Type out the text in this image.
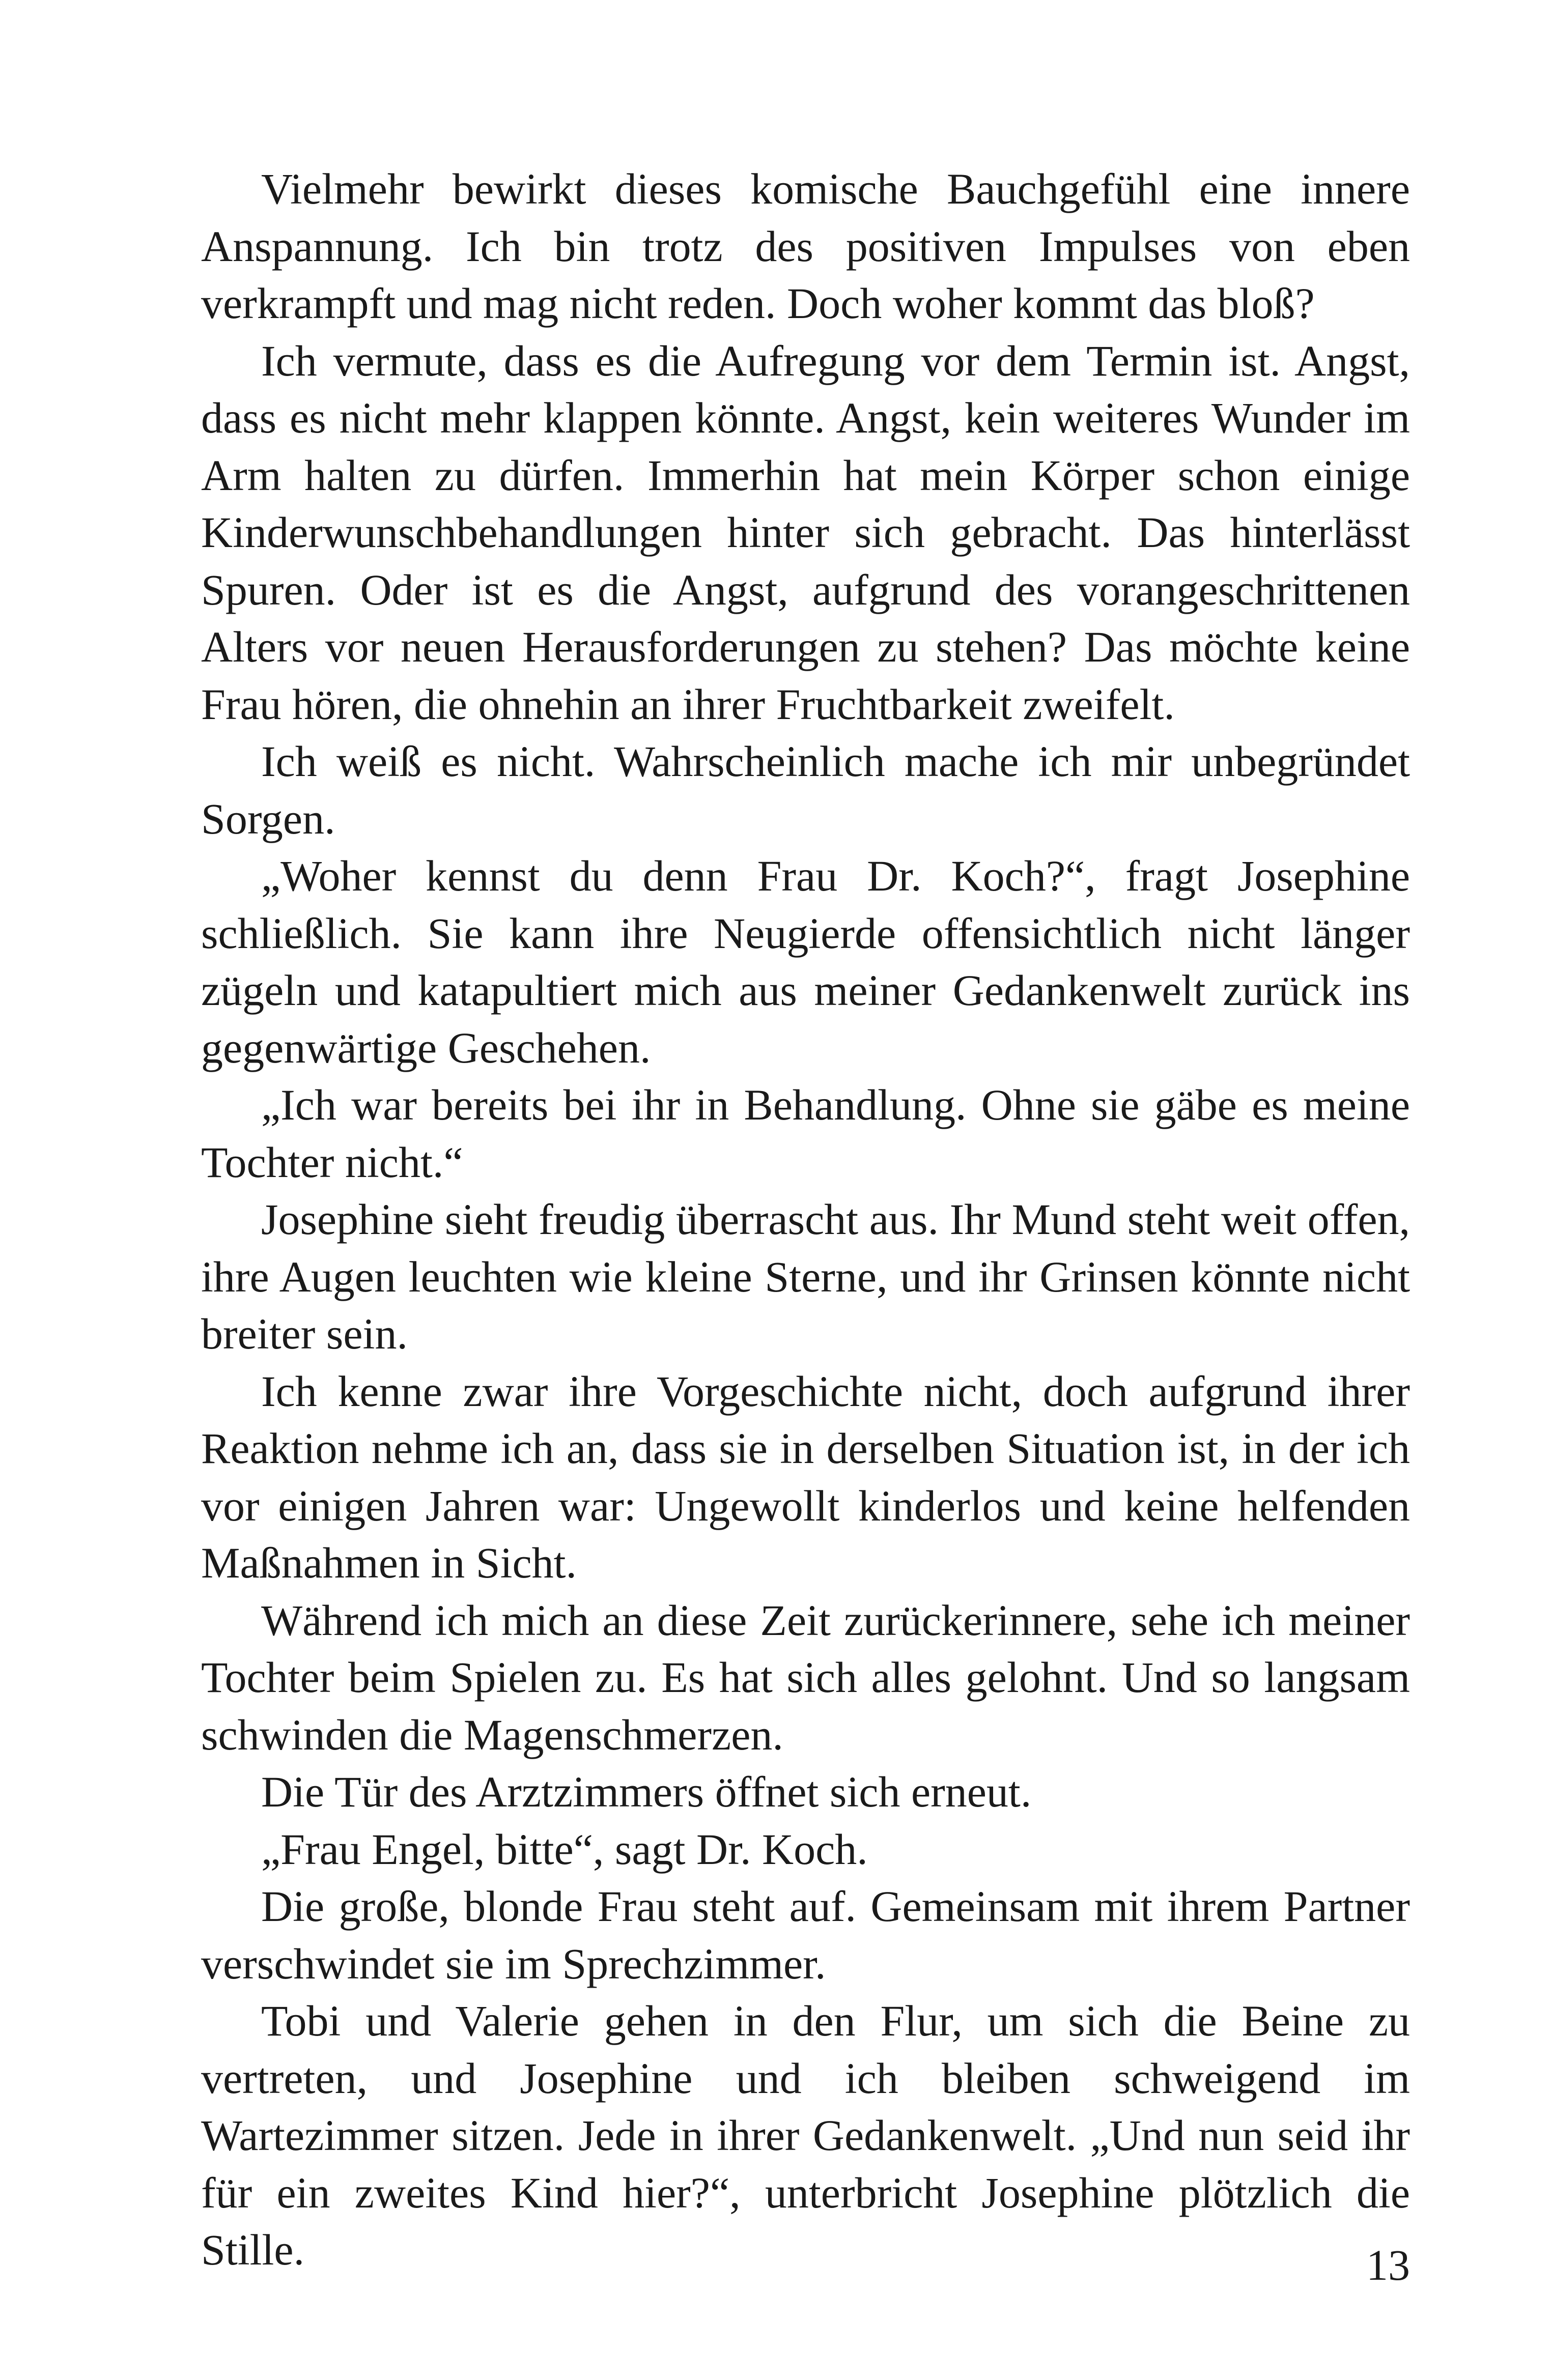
Vielmehr bewirkt dieses komische Bauchgefühl eine innere Anspannung. Ich bin trotz des positiven Impulses von eben verkrampft und mag nicht reden. Doch woher kommt das bloß?

Ich vermute, dass es die Aufregung vor dem Termin ist. Angst, dass es nicht mehr klappen könnte. Angst, kein weiteres Wunder im Arm halten zu dürfen. Immerhin hat mein Körper schon einige Kinderwunschbehandlungen hinter sich gebracht. Das hinterlässt Spuren. Oder ist es die Angst, aufgrund des vorangeschrittenen Alters vor neuen Herausforderungen zu stehen? Das möchte keine Frau hören, die ohnehin an ihrer Fruchtbarkeit zweifelt.

Ich weiß es nicht. Wahrscheinlich mache ich mir unbegründet Sorgen.

„Woher kennst du denn Frau Dr. Koch?“, fragt Josephine schließlich. Sie kann ihre Neugierde offensichtlich nicht länger zügeln und katapultiert mich aus meiner Gedankenwelt zurück ins gegenwärtige Geschehen.

„Ich war bereits bei ihr in Behandlung. Ohne sie gäbe es meine Tochter nicht.“

Josephine sieht freudig überrascht aus. Ihr Mund steht weit offen, ihre Augen leuchten wie kleine Sterne, und ihr Grinsen könnte nicht breiter sein.

Ich kenne zwar ihre Vorgeschichte nicht, doch aufgrund ihrer Reaktion nehme ich an, dass sie in derselben Situation ist, in der ich vor einigen Jahren war: Ungewollt kinderlos und keine helfenden Maßnahmen in Sicht.

Während ich mich an diese Zeit zurückerinnere, sehe ich meiner Tochter beim Spielen zu. Es hat sich alles gelohnt. Und so langsam schwinden die Magenschmerzen.

Die Tür des Arztzimmers öffnet sich erneut.

„Frau Engel, bitte“, sagt Dr. Koch.

Die große, blonde Frau steht auf. Gemeinsam mit ihrem Partner verschwindet sie im Sprechzimmer.

Tobi und Valerie gehen in den Flur, um sich die Beine zu vertreten, und Josephine und ich bleiben schweigend im Wartezimmer sitzen. Jede in ihrer Gedankenwelt. „Und nun seid ihr für ein zweites Kind hier?“, unterbricht Josephine plötzlich die Stille.	13
